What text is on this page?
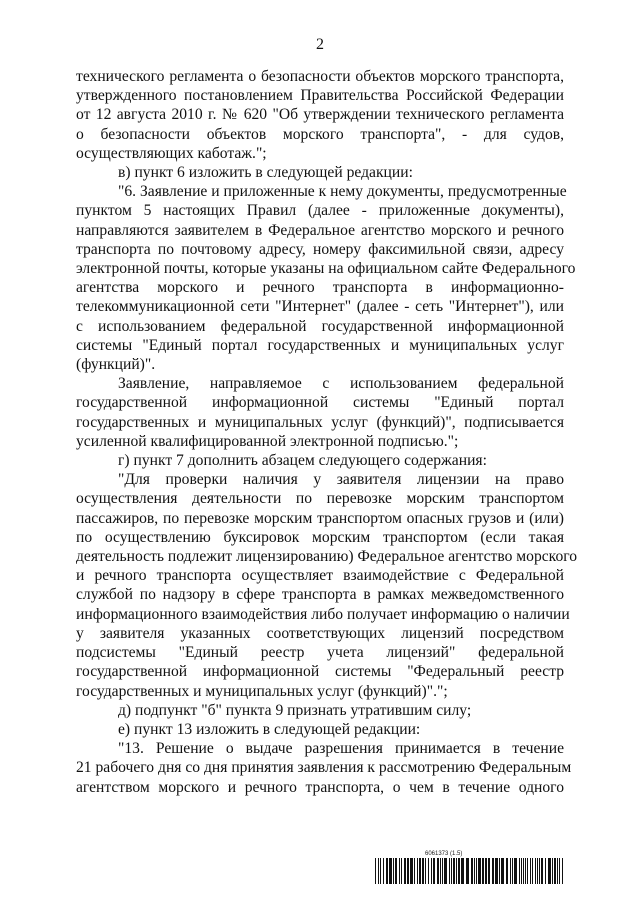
2
технического регламента о безопасности объектов морского транспорта,
утвержденного постановлением Правительства Российской Федерации
от 12 августа 2010 г. № 620 "Об утверждении технического регламента
о безопасности объектов морского транспорта", - для судов,
осуществляющих каботаж.";
в) пункт 6 изложить в следующей редакции:
"6. Заявление и приложенные к нему документы, предусмотренные
пунктом 5 настоящих Правил (далее - приложенные документы),
направляются заявителем в Федеральное агентство морского и речного
транспорта по почтовому адресу, номеру факсимильной связи, адресу
электронной почты, которые указаны на официальном сайте Федерального
агентства морского и речного транспорта в информационно-
телекоммуникационной сети "Интернет" (далее - сеть "Интернет"), или
с использованием федеральной государственной информационной
системы "Единый портал государственных и муниципальных услуг
(функций)".
Заявление, направляемое с использованием федеральной
государственной информационной системы "Единый портал
государственных и муниципальных услуг (функций)", подписывается
усиленной квалифицированной электронной подписью.";
г) пункт 7 дополнить абзацем следующего содержания:
"Для проверки наличия у заявителя лицензии на право
осуществления деятельности по перевозке морским транспортом
пассажиров, по перевозке морским транспортом опасных грузов и (или)
по осуществлению буксировок морским транспортом (если такая
деятельность подлежит лицензированию) Федеральное агентство морского
и речного транспорта осуществляет взаимодействие с Федеральной
службой по надзору в сфере транспорта в рамках межведомственного
информационного взаимодействия либо получает информацию о наличии
у заявителя указанных соответствующих лицензий посредством
подсистемы "Единый реестр учета лицензий" федеральной
государственной информационной системы "Федеральный реестр
государственных и муниципальных услуг (функций)".";
д) подпункт "б" пункта 9 признать утратившим силу;
е) пункт 13 изложить в следующей редакции:
"13. Решение о выдаче разрешения принимается в течение
21 рабочего дня со дня принятия заявления к рассмотрению Федеральным
агентством морского и речного транспорта, о чем в течение одного
6061373 (1.5)
